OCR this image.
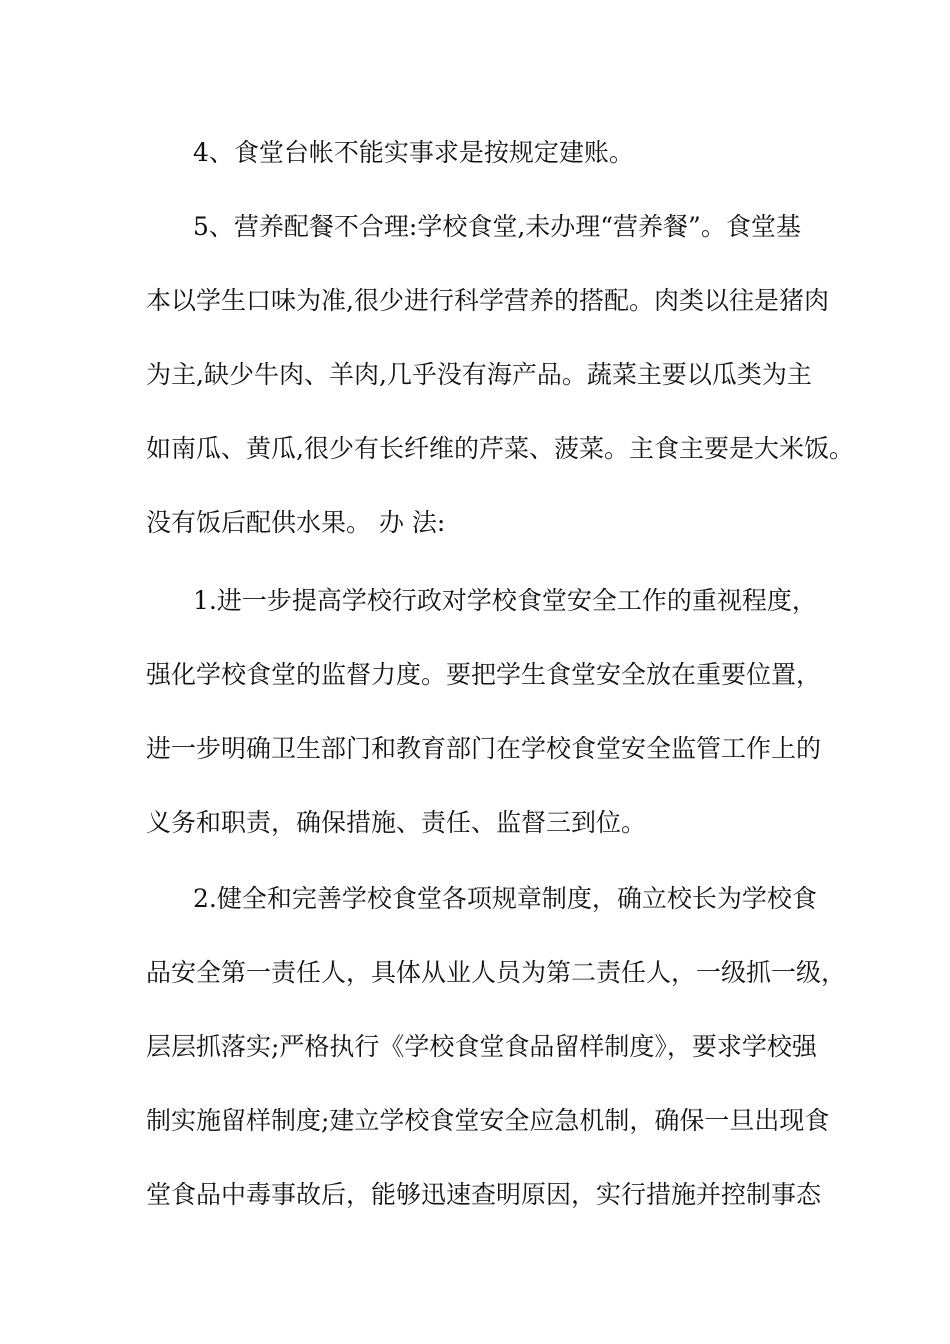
4、食堂台帐不能实事求是按规定建账。
5、营养配餐不合理:学校食堂,未办理“营养餐”。食堂基
本以学生口味为准,很少进行科学营养的搭配。肉类以往是猪肉
为主,缺少牛肉、羊肉,几乎没有海产品。蔬菜主要以瓜类为主
如南瓜、黄瓜,很少有长纤维的芹菜、菠菜。主食主要是大米饭。
没有饭后配供水果。 办 法:
1.进一步提高学校行政对学校食堂安全工作的重视程度，
强化学校食堂的监督力度。要把学生食堂安全放在重要位置，
进一步明确卫生部门和教育部门在学校食堂安全监管工作上的
义务和职责，确保措施、责任、监督三到位。
2.健全和完善学校食堂各项规章制度，确立校长为学校食
品安全第一责任人，具体从业人员为第二责任人，一级抓一级，
层层抓落实;严格执行《学校食堂食品留样制度》，要求学校强
制实施留样制度;建立学校食堂安全应急机制，确保一旦出现食
堂食品中毒事故后，能够迅速查明原因，实行措施并控制事态
